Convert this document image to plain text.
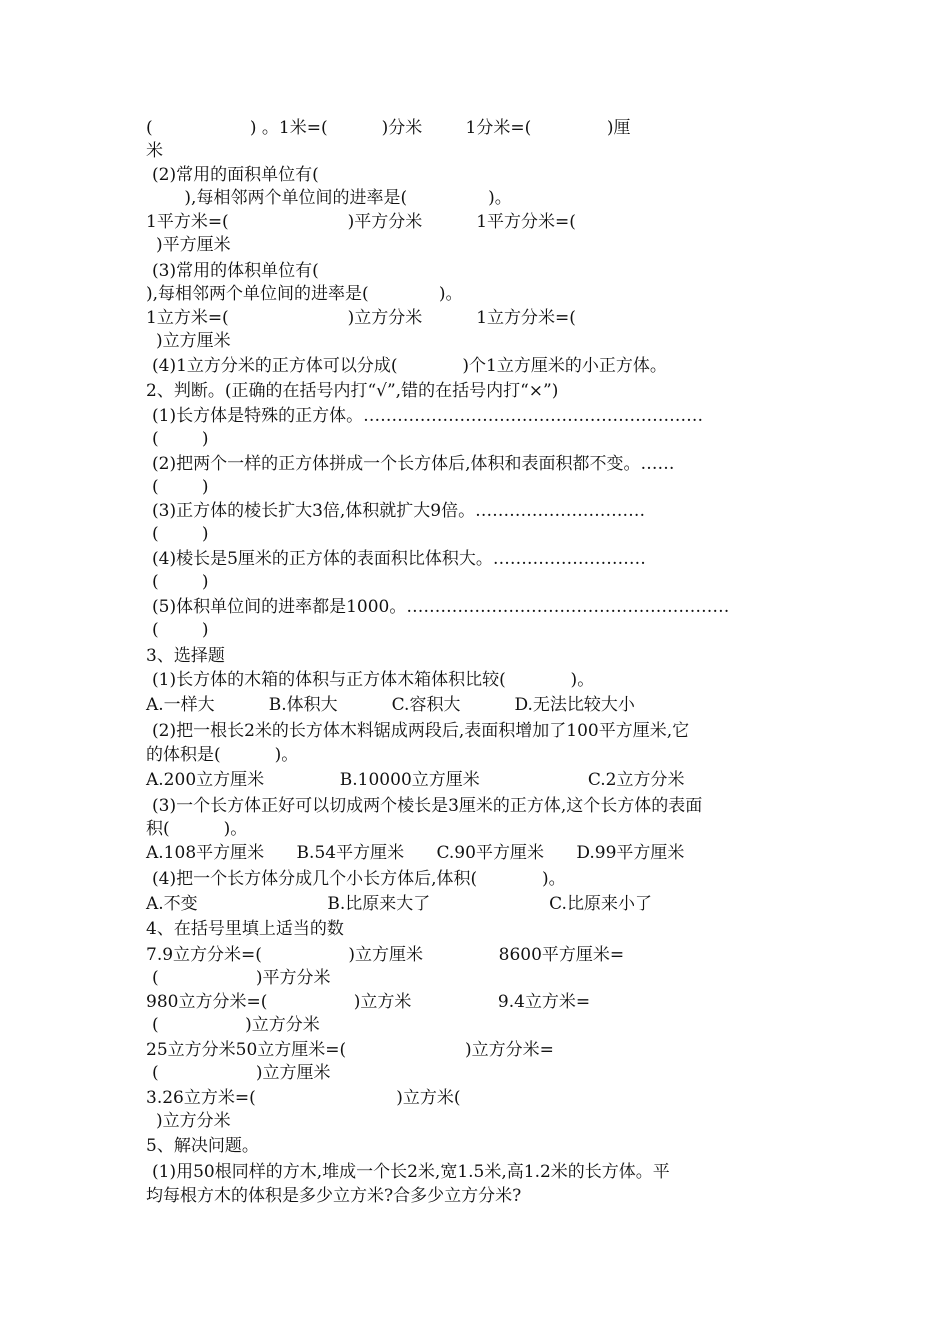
(                  ) 。1米=(          )分米        1分米=(              )厘
米
(2)常用的面积单位有(
),每相邻两个单位间的进率是(               )。
1平方米=(                      )平方分米          1平方分米=(
)平方厘米
(3)常用的体积单位有(
),每相邻两个单位间的进率是(             )。
1立方米=(                      )立方分米          1立方分米=(
)立方厘米
(4)1立方分米的正方体可以分成(            )个1立方厘米的小正方体。
2、判断。(正确的在括号内打“√”,错的在括号内打“×”)
(1)长方体是特殊的正方体。……………………………………………………
(        )
(2)把两个一样的正方体拼成一个长方体后,体积和表面积都不变。……
(        )
(3)正方体的棱长扩大3倍,体积就扩大9倍。…………………………
(        )
(4)棱长是5厘米的正方体的表面积比体积大。………………………
(        )
(5)体积单位间的进率都是1000。…………………………………………………
(        )
3、选择题
(1)长方体的木箱的体积与正方体木箱体积比较(            )。
A.一样大          B.体积大          C.容积大          D.无法比较大小
(2)把一根长2米的长方体木料锯成两段后,表面积增加了100平方厘米,它
的体积是(          )。
A.200立方厘米              B.10000立方厘米                    C.2立方分米
(3)一个长方体正好可以切成两个棱长是3厘米的正方体,这个长方体的表面
积(          )。
A.108平方厘米      B.54平方厘米      C.90平方厘米      D.99平方厘米
(4)把一个长方体分成几个小长方体后,体积(            )。
A.不变                        B.比原来大了                      C.比原来小了
4、在括号里填上适当的数
7.9立方分米=(                )立方厘米              8600平方厘米=
(                  )平方分米
980立方分米=(                )立方米                9.4立方米=
(                )立方分米
25立方分米50立方厘米=(                      )立方分米=
(                  )立方厘米
3.26立方米=(                          )立方米(
)立方分米
5、解决问题。
(1)用50根同样的方木,堆成一个长2米,宽1.5米,高1.2米的长方体。平
均每根方木的体积是多少立方米?合多少立方分米?
